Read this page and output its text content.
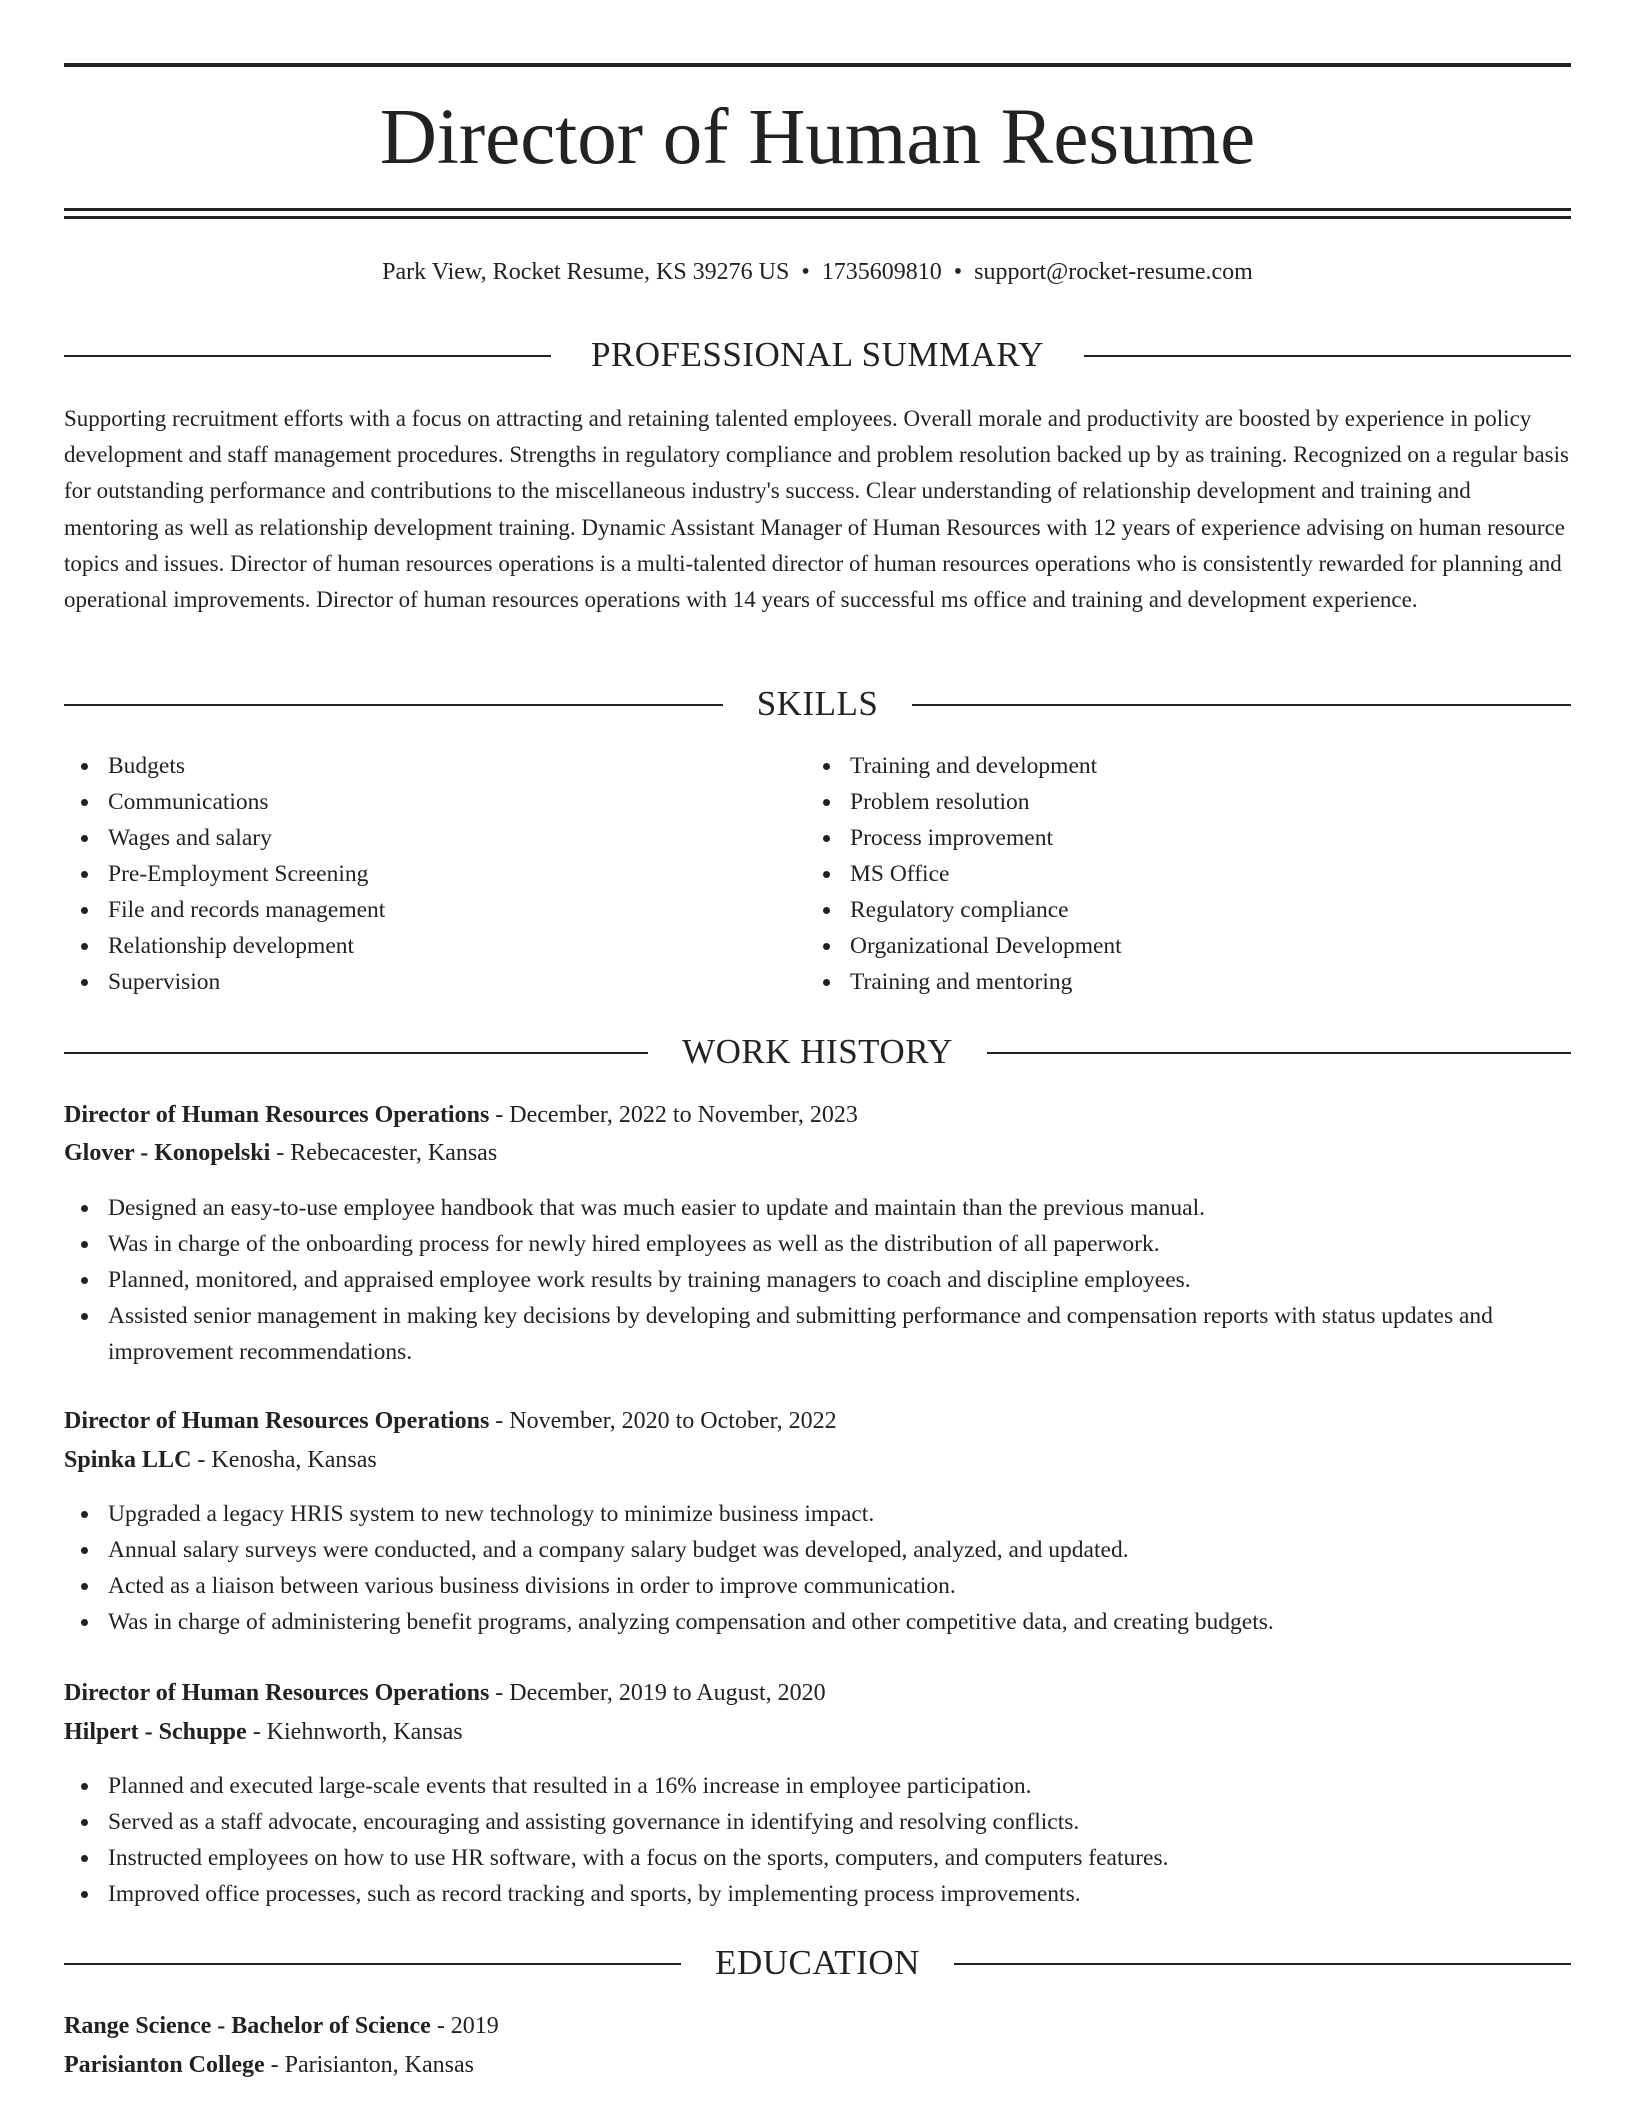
Director of Human Resume
Park View, Rocket Resume, KS 39276 US • 1735609810 • support@rocket-resume.com
PROFESSIONAL SUMMARY

Supporting recruitment efforts with a focus on attracting and retaining talented employees. Overall morale and productivity are boosted by experience in policy development and staff management procedures. Strengths in regulatory compliance and problem resolution backed up by as training. Recognized on a regular basis for outstanding performance and contributions to the miscellaneous industry's success. Clear understanding of relationship development and training and mentoring as well as relationship development training. Dynamic Assistant Manager of Human Resources with 12 years of experience advising on human resource topics and issues. Director of human resources operations is a multi-talented director of human resources operations who is consistently rewarded for planning and operational improvements. Director of human resources operations with 14 years of successful ms office and training and development experience.

SKILLS
Budgets
Communications
Wages and salary
Pre-Employment Screening
File and records management
Relationship development
Supervision
Training and development
Problem resolution
Process improvement
MS Office
Regulatory compliance
Organizational Development
Training and mentoring
WORK HISTORY
Director of Human Resources Operations - December, 2022 to November, 2023
Glover - Konopelski - Rebecacester, Kansas
Designed an easy-to-use employee handbook that was much easier to update and maintain than the previous manual.
Was in charge of the onboarding process for newly hired employees as well as the distribution of all paperwork.
Planned, monitored, and appraised employee work results by training managers to coach and discipline employees.
Assisted senior management in making key decisions by developing and submitting performance and compensation reports with status updates and improvement recommendations.
Director of Human Resources Operations - November, 2020 to October, 2022
Spinka LLC - Kenosha, Kansas
Upgraded a legacy HRIS system to new technology to minimize business impact.
Annual salary surveys were conducted, and a company salary budget was developed, analyzed, and updated.
Acted as a liaison between various business divisions in order to improve communication.
Was in charge of administering benefit programs, analyzing compensation and other competitive data, and creating budgets.
Director of Human Resources Operations - December, 2019 to August, 2020
Hilpert - Schuppe - Kiehnworth, Kansas
Planned and executed large-scale events that resulted in a 16% increase in employee participation.
Served as a staff advocate, encouraging and assisting governance in identifying and resolving conflicts.
Instructed employees on how to use HR software, with a focus on the sports, computers, and computers features.
Improved office processes, such as record tracking and sports, by implementing process improvements.
EDUCATION
Range Science - Bachelor of Science - 2019
Parisianton College - Parisianton, Kansas
